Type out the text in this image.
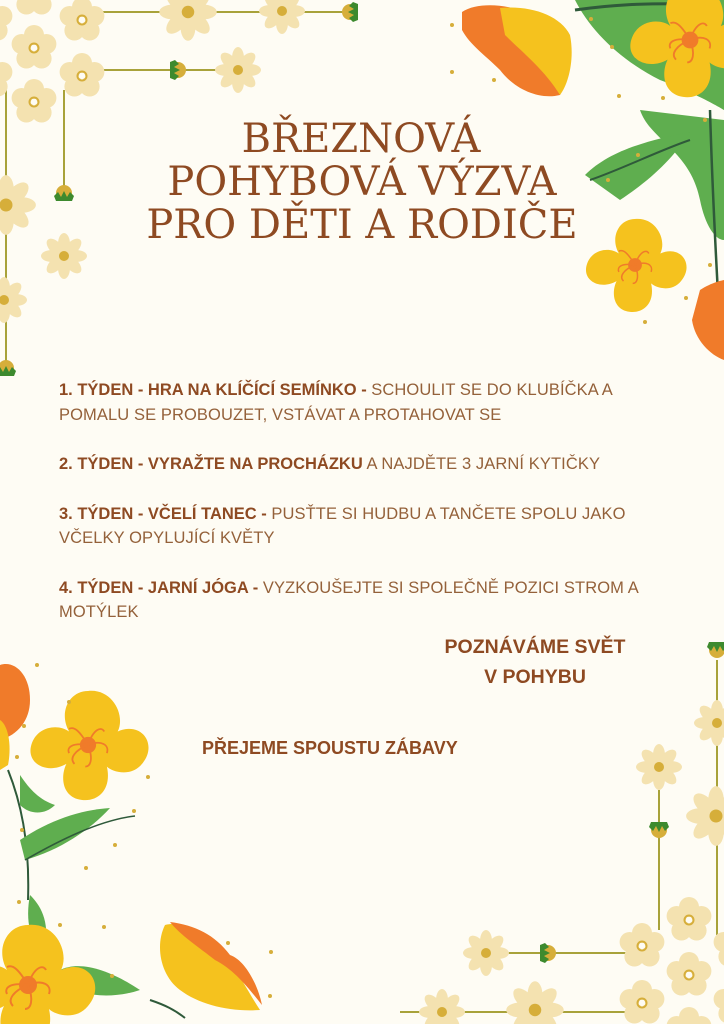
BŘEZNOVÁ
POHYBOVÁ VÝZVA
PRO DĚTI A RODIČE
1. TÝDEN - HRA NA KLÍČÍCÍ SEMÍNKO - SCHOULIT SE DO KLUBÍČKA A POMALU SE PROBOUZET, VSTÁVAT A PROTAHOVAT SE
2. TÝDEN - VYRAŽTE NA PROCHÁZKU A NAJDĚTE 3 JARNÍ KYTIČKY
3. TÝDEN - VČELÍ TANEC - PUSŤTE SI HUDBU A TANČETE SPOLU JAKO VČELKY OPYLUJÍCÍ KVĚTY
4. TÝDEN - JARNÍ JÓGA - VYZKOUŠEJTE SI SPOLEČNĚ POZICI STROM A MOTÝLEK
POZNÁVÁME SVĚT
V POHYBU
PŘEJEME SPOUSTU ZÁBAVY
